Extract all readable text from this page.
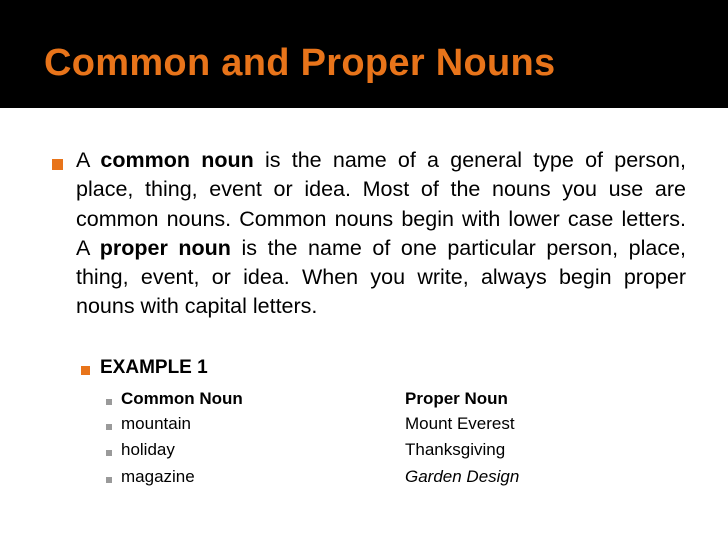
Common and Proper Nouns
A common noun is the name of a general type of person, place, thing, event or idea. Most of the nouns you use are common nouns. Common nouns begin with lower case letters. A proper noun is the name of one particular person, place, thing, event, or idea. When you write, always begin proper nouns with capital letters.
EXAMPLE 1
Common Noun	Proper Noun
mountain	Mount Everest
holiday	Thanksgiving
magazine	Garden Design
